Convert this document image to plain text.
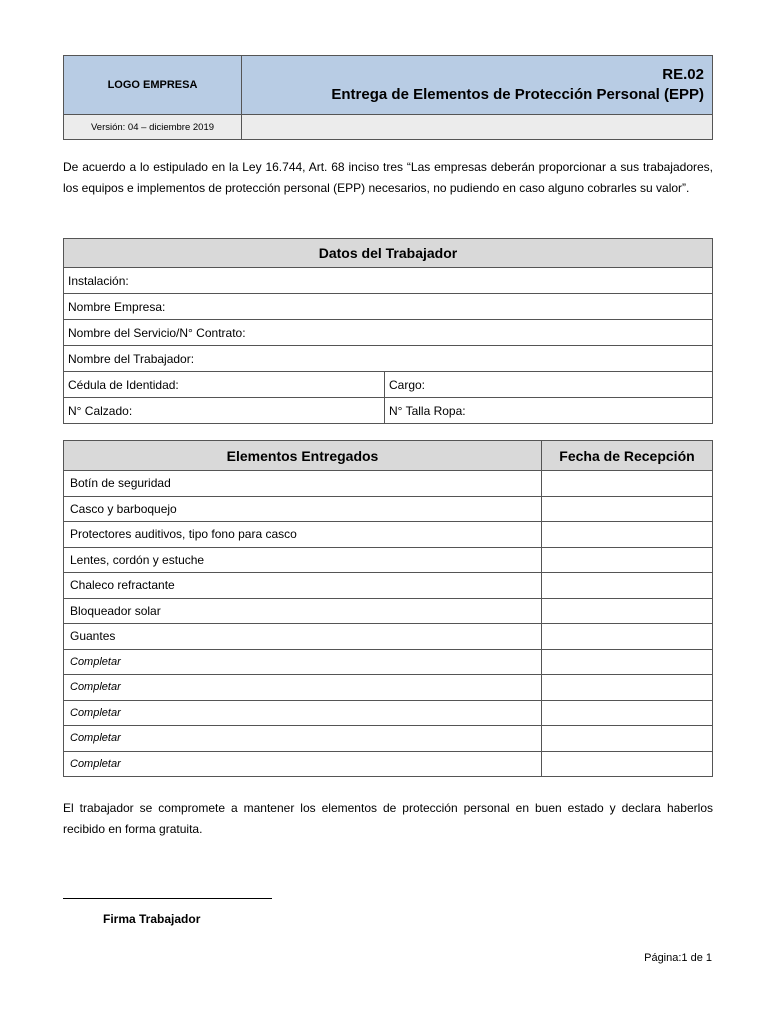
LOGO EMPRESA	RE.02
Entrega de Elementos de Protección Personal (EPP)

Versión: 04 – diciembre 2019	

De acuerdo a lo estipulado en la Ley 16.744, Art. 68 inciso tres “Las empresas deberán proporcionar a sus trabajadores, los equipos e implementos de protección personal (EPP) necesarios, no pudiendo en caso alguno cobrarles su valor”.

Datos del Trabajador	
Instalación:	
Nombre Empresa:	
Nombre del Servicio/N° Contrato:	
Nombre del Trabajador:	
Cédula de Identidad:	Cargo:
N° Calzado:	N° Talla Ropa:
Elementos Entregados	Fecha de Recepción
Botín de seguridad	
Casco y barboquejo	
Protectores auditivos, tipo fono para casco	
Lentes, cordón y estuche	
Chaleco refractante	
Bloqueador solar	
Guantes	
Completar	
Completar	
Completar	
Completar	
Completar	

El trabajador se compromete a mantener los elementos de protección personal en buen estado y declara haberlos recibido en forma gratuita.

Firma Trabajador
Página:1 de 1
